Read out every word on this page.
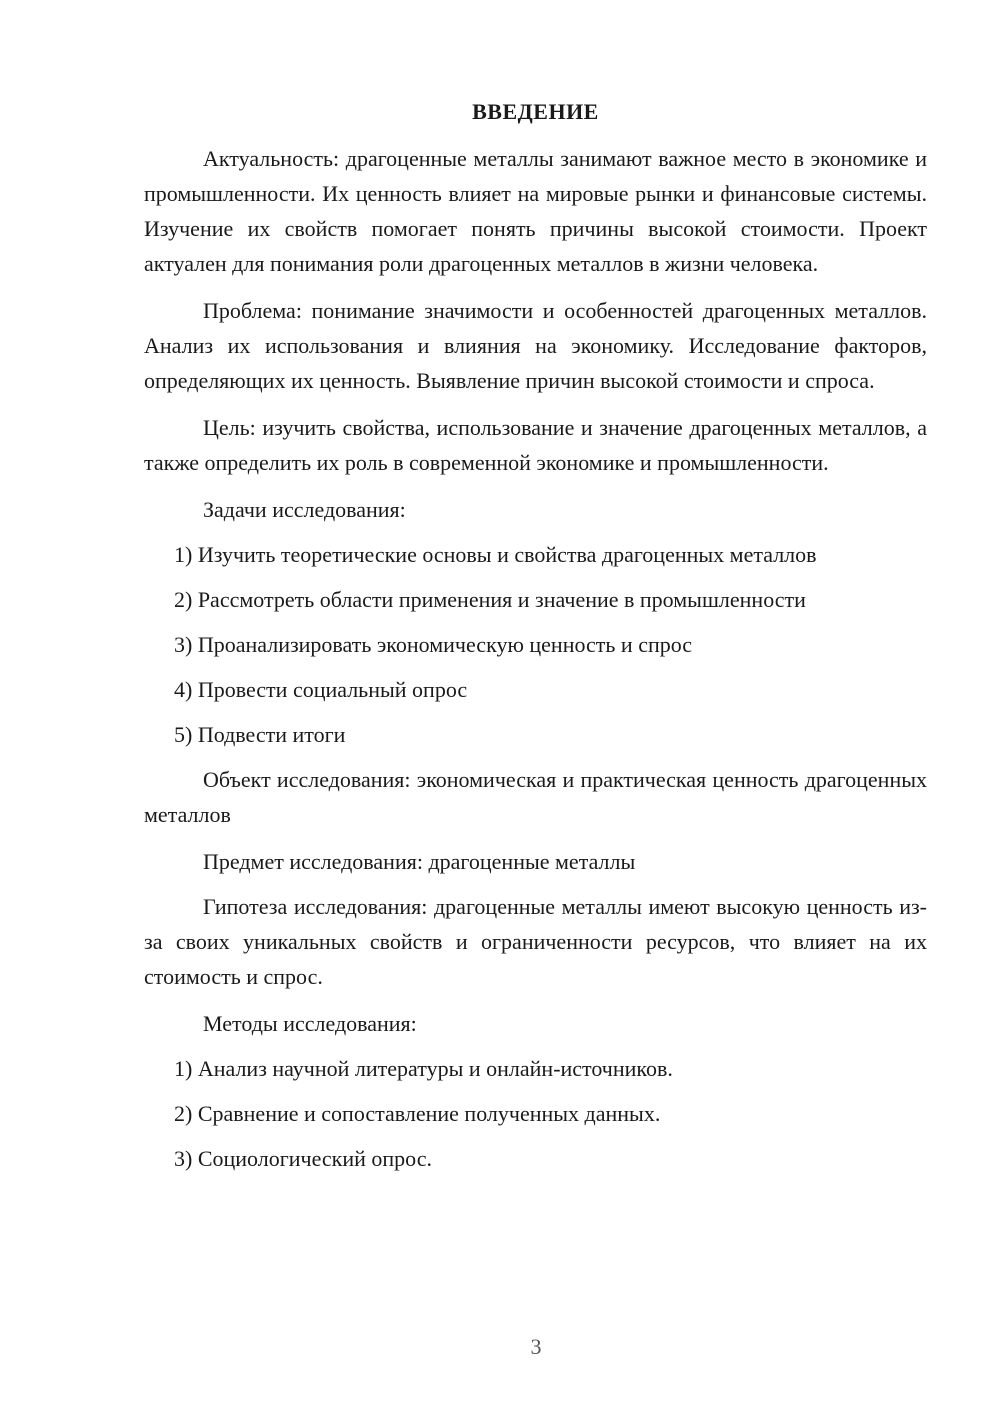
ВВЕДЕНИЕ

Актуальность: драгоценные металлы занимают важное место в экономике и промышленности. Их ценность влияет на мировые рынки и финансовые системы. Изучение их свойств помогает понять причины высокой стоимости. Проект актуален для понимания роли драгоценных металлов в жизни человека.

Проблема: понимание значимости и особенностей драгоценных металлов. Анализ их использования и влияния на экономику. Исследование факторов, определяющих их ценность. Выявление причин высокой стоимости и спроса.

Цель: изучить свойства, использование и значение драгоценных металлов, а также определить их роль в современной экономике и промышленности.

Задачи исследования:

1) Изучить теоретические основы и свойства драгоценных металлов

2) Рассмотреть области применения и значение в промышленности

3) Проанализировать экономическую ценность и спрос

4) Провести социальный опрос

5) Подвести итоги

Объект исследования: экономическая и практическая ценность драгоценных металлов

Предмет исследования: драгоценные металлы

Гипотеза исследования: драгоценные металлы имеют высокую ценность из-за своих уникальных свойств и ограниченности ресурсов, что влияет на их стоимость и спрос.

Методы исследования:

1) Анализ научной литературы и онлайн-источников.

2) Сравнение и сопоставление полученных данных.

3) Социологический опрос.

3
